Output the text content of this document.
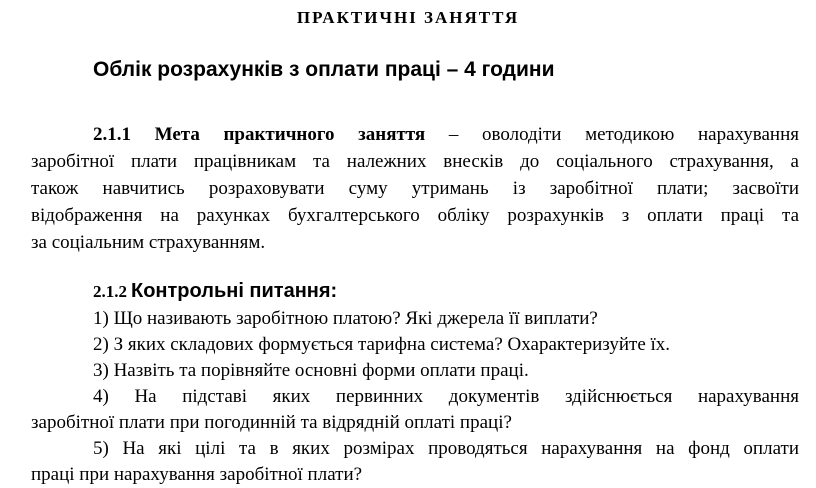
ПРАКТИЧНІ ЗАНЯТТЯ
Облік розрахунків з оплати праці – 4 години
2.1.1 Мета практичного заняття – оволодіти методикою нарахування
заробітної плати працівникам та належних внесків до соціального страхування, а
також навчитись розраховувати суму утримань із заробітної плати; засвоїти
відображення на рахунках бухгалтерського обліку розрахунків з оплати праці та
за соціальним страхуванням.
2.1.2 Контрольні питання:
1) Що називають заробітною платою? Які джерела її виплати?
2) З яких складових формується тарифна система? Охарактеризуйте їх.
3) Назвіть та порівняйте основні форми оплати праці.
4) На підставі яких первинних документів здійснюється нарахування
заробітної плати при погодинній та відрядній оплаті праці?
5) На які цілі та в яких розмірах проводяться нарахування на фонд оплати
праці при нарахування заробітної плати?
